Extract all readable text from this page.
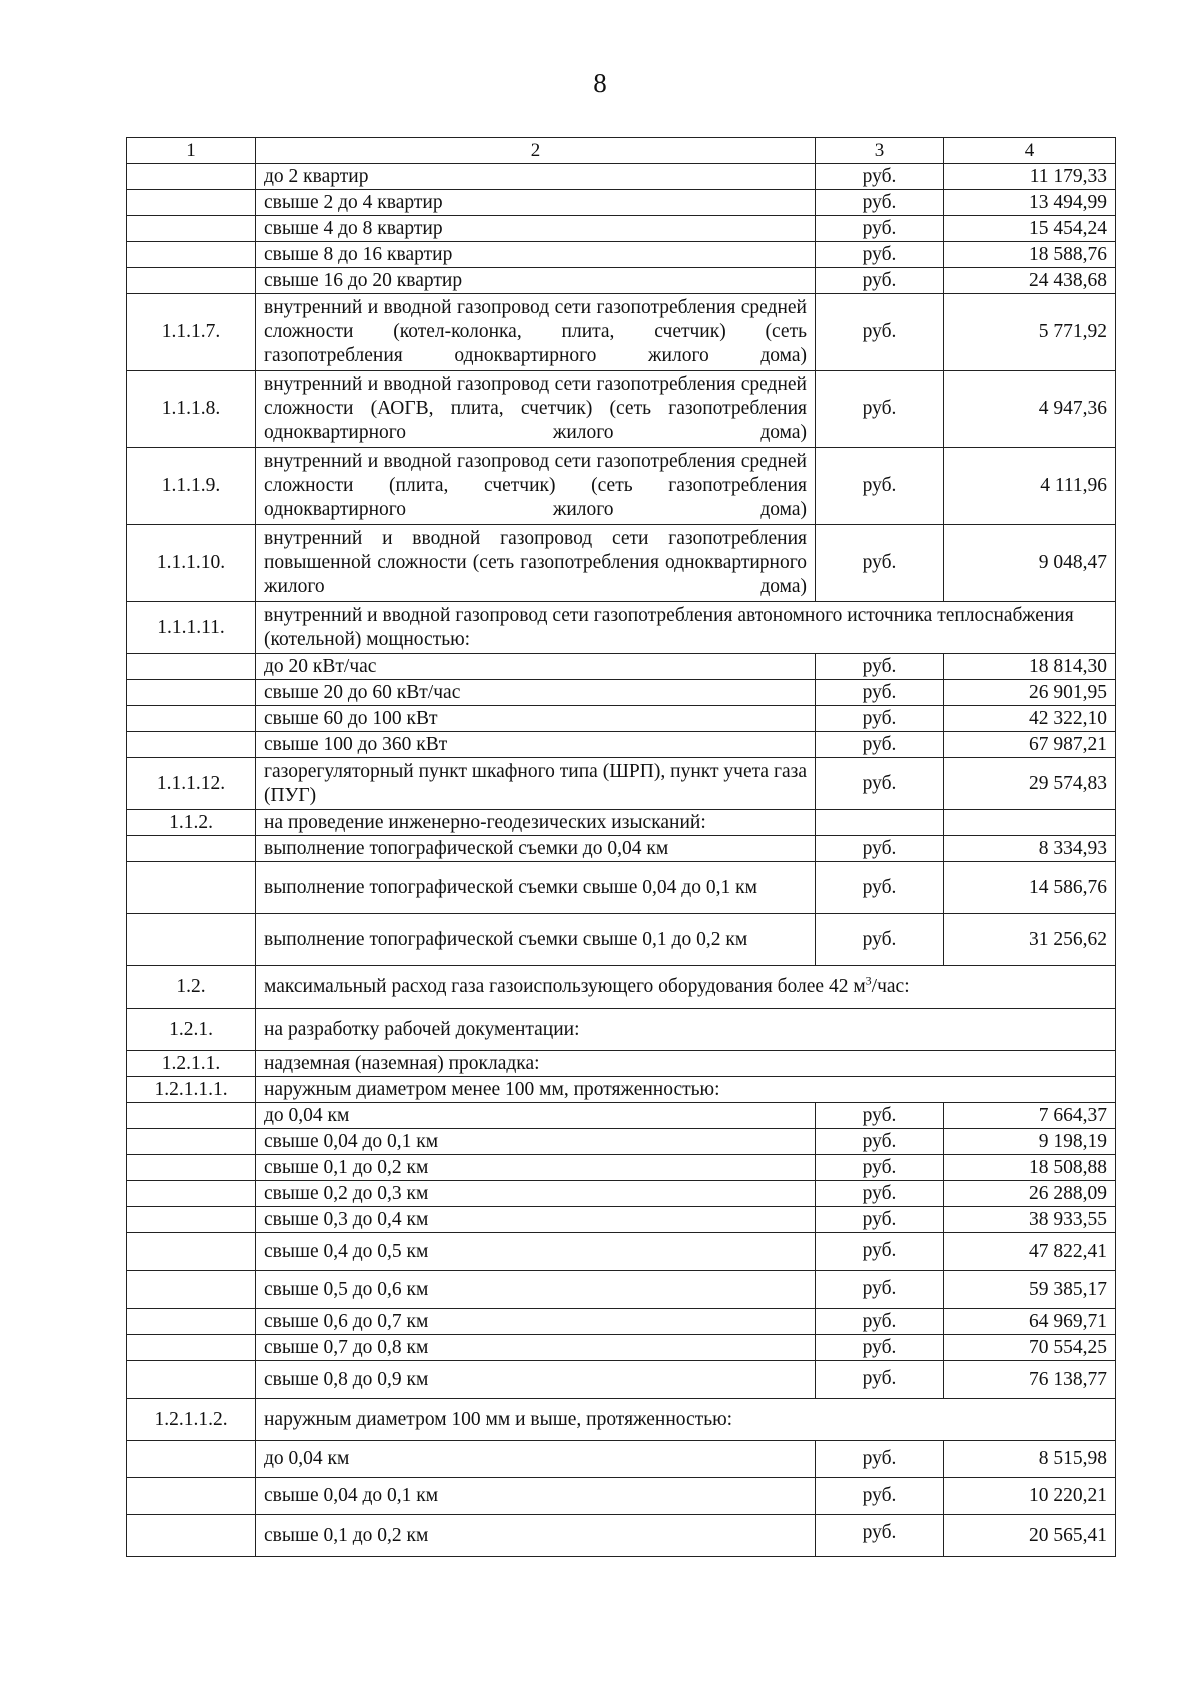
8
1	2	3	4
	до 2 квартир	руб.	11 179,33
	свыше 2 до 4 квартир	руб.	13 494,99
	свыше 4 до 8 квартир	руб.	15 454,24
	свыше 8 до 16 квартир	руб.	18 588,76
	свыше 16 до 20 квартир	руб.	24 438,68
1.1.1.7.	внутренний и вводной газопровод сети газопотребления средней сложности (котел-колонка, плита, счетчик) (сеть газопотребления одноквартирного жилого дома)	руб.	5 771,92
1.1.1.8.	внутренний и вводной газопровод сети газопотребления средней сложности (АОГВ, плита, счетчик) (сеть газопотребления одноквартирного жилого дома)	руб.	4 947,36
1.1.1.9.	внутренний и вводной газопровод сети газопотребления средней сложности (плита, счетчик) (сеть газопотребления одноквартирного жилого дома)	руб.	4 111,96
1.1.1.10.	внутренний и вводной газопровод сети газопотребления повышенной сложности (сеть газопотребления одноквартирного жилого дома)	руб.	9 048,47
1.1.1.11.	внутренний и вводной газопровод сети газопотребления автономного источника теплоснабжения (котельной) мощностью:		
	до 20 кВт/час	руб.	18 814,30
	свыше 20 до 60 кВт/час	руб.	26 901,95
	свыше 60 до 100 кВт	руб.	42 322,10
	свыше 100 до 360 кВт	руб.	67 987,21
1.1.1.12.	газорегуляторный пункт шкафного типа (ШРП), пункт учета газа (ПУГ)	руб.	29 574,83
1.1.2.	на проведение инженерно-геодезических изысканий:		
	выполнение топографической съемки до 0,04 км	руб.	8 334,93
	выполнение топографической съемки свыше 0,04 до 0,1 км	руб.	14 586,76
	выполнение топографической съемки свыше 0,1 до 0,2 км	руб.	31 256,62
1.2.	максимальный расход газа газоиспользующего оборудования более 42 $м^3$/час:		
1.2.1.	на разработку рабочей документации:		
1.2.1.1.	надземная (наземная) прокладка:		
1.2.1.1.1.	наружным диаметром менее 100 мм, протяженностью:		
	до 0,04 км	руб.	7 664,37
	свыше 0,04 до 0,1 км	руб.	9 198,19
	свыше 0,1 до 0,2 км	руб.	18 508,88
	свыше 0,2 до 0,3 км	руб.	26 288,09
	свыше 0,3 до 0,4 км	руб.	38 933,55
	свыше 0,4 до 0,5 км	руб.	47 822,41
	свыше 0,5 до 0,6 км	руб.	59 385,17
	свыше 0,6 до 0,7 км	руб.	64 969,71
	свыше 0,7 до 0,8 км	руб.	70 554,25
	свыше 0,8 до 0,9 км	руб.	76 138,77
1.2.1.1.2.	наружным диаметром 100 мм и выше, протяженностью:		
	до 0,04 км	руб.	8 515,98
	свыше 0,04 до 0,1 км	руб.	10 220,21
	свыше 0,1 до 0,2 км	руб.	20 565,41
